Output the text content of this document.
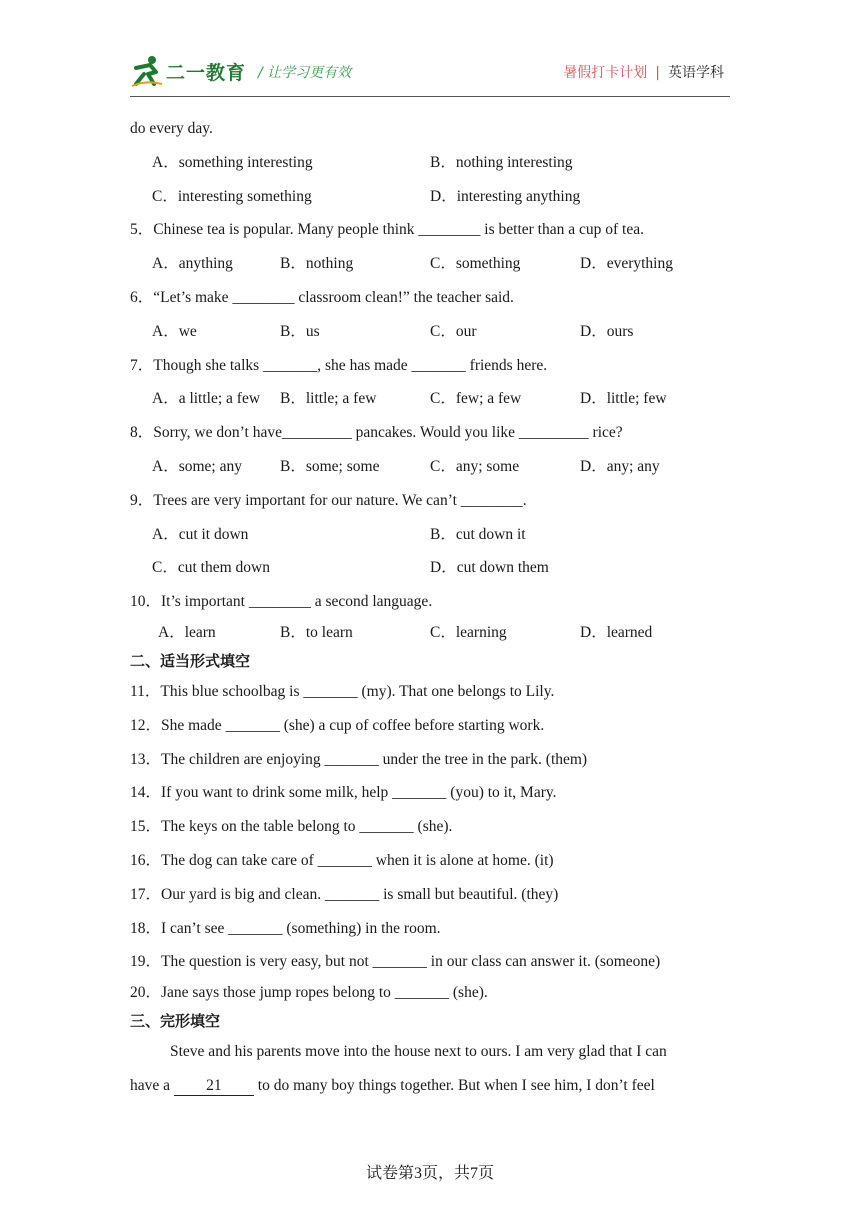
二一教育 / 让学习更有效	暑假打卡计划 | 英语学科
do every day.
A．something interesting	B．nothing interesting
C．interesting something	D．interesting anything
5．Chinese tea is popular. Many people think ________ is better than a cup of tea.
A．anything	B．nothing	C．something	D．everything
6．“Let’s make ________ classroom clean!” the teacher said.
A．we	B．us	C．our	D．ours
7．Though she talks _______, she has made _______ friends here.
A．a little; a few	B．little; a few	C．few; a few	D．little; few
8．Sorry, we don’t have_________ pancakes. Would you like _________ rice?
A．some; any	B．some; some	C．any; some	D．any; any
9．Trees are very important for our nature. We can’t ________.
A．cut it down	B．cut down it
C．cut them down	D．cut down them
10．It’s important ________ a second language.
A．learn	B．to learn	C．learning	D．learned
二、适当形式填空
11．This blue schoolbag is _______ (my). That one belongs to Lily.
12．She made _______ (she) a cup of coffee before starting work.
13．The children are enjoying _______ under the tree in the park. (them)
14．If you want to drink some milk, help _______ (you) to it, Mary.
15．The keys on the table belong to _______ (she).
16．The dog can take care of _______ when it is alone at home. (it)
17．Our yard is big and clean. _______ is small but beautiful. (they)
18．I can’t see _______ (something) in the room.
19．The question is very easy, but not _______ in our class can answer it. (someone)
20．Jane says those jump ropes belong to _______ (she).
三、完形填空
Steve and his parents move into the house next to ours. I am very glad that I can
have a 21 to do many boy things together. But when I see him, I don’t feel
试卷第3页，共7页
